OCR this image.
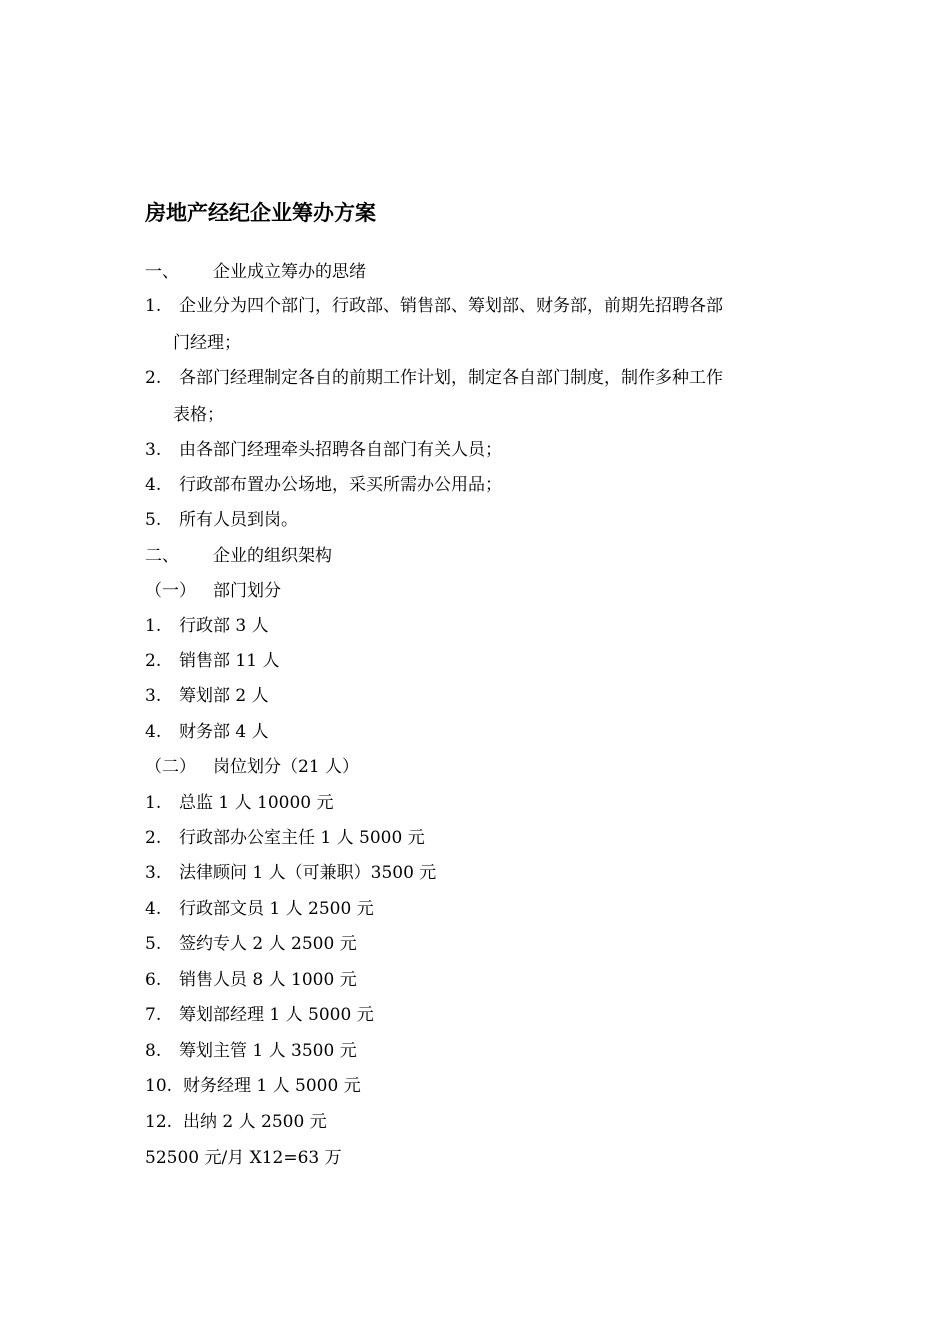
房地产经纪企业筹办方案
一、 企业成立筹办的思绪
1. 企业分为四个部门，行政部、销售部、筹划部、财务部，前期先招聘各部
门经理；
2. 各部门经理制定各自的前期工作计划，制定各自部门制度，制作多种工作
表格；
3. 由各部门经理牵头招聘各自部门有关人员；
4. 行政部布置办公场地，采买所需办公用品；
5. 所有人员到岗。
二、 企业的组织架构
（一） 部门划分
1. 行政部 3 人
2. 销售部 11 人
3. 筹划部 2 人
4. 财务部 4 人
（二） 岗位划分（21 人）
1. 总监 1 人 10000 元
2. 行政部办公室主任 1 人 5000 元
3. 法律顾问 1 人（可兼职）3500 元
4. 行政部文员 1 人 2500 元
5. 签约专人 2 人 2500 元
6. 销售人员 8 人 1000 元
7. 筹划部经理 1 人 5000 元
8. 筹划主管 1 人 3500 元
10. 财务经理 1 人 5000 元
12. 出纳 2 人 2500 元
52500 元/月 X12=63 万
